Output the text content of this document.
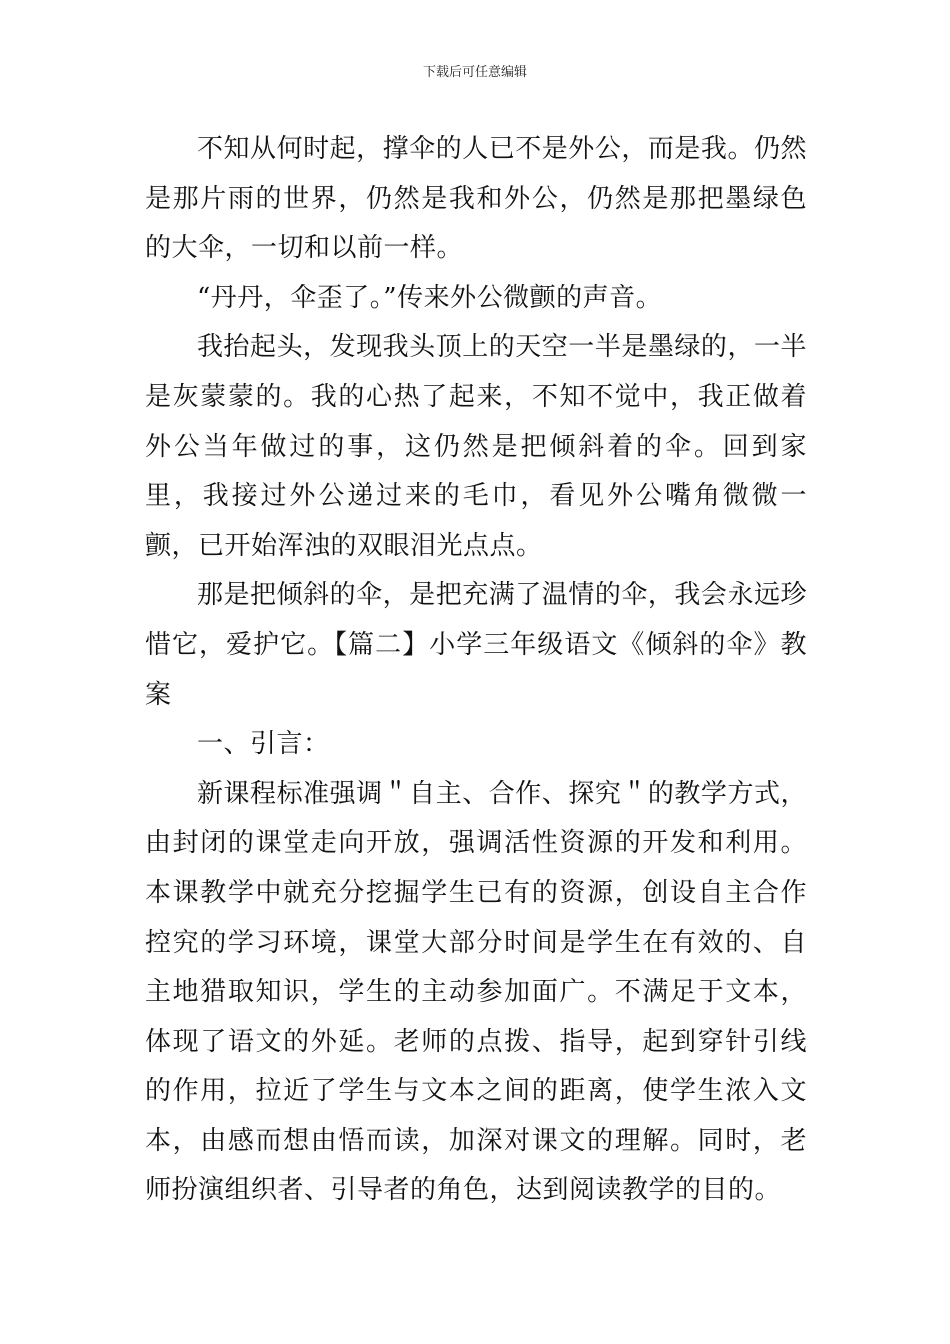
下载后可任意编辑

不知从何时起，撑伞的人已不是外公，而是我。仍然是那片雨的世界，仍然是我和外公，仍然是那把墨绿色的大伞，一切和以前一样。

“丹丹，伞歪了。”传来外公微颤的声音。

我抬起头，发现我头顶上的天空一半是墨绿的，一半是灰蒙蒙的。我的心热了起来，不知不觉中，我正做着外公当年做过的事，这仍然是把倾斜着的伞。回到家里，我接过外公递过来的毛巾，看见外公嘴角微微一颤，已开始浑浊的双眼泪光点点。

那是把倾斜的伞，是把充满了温情的伞，我会永远珍惜它，爱护它。【篇二】小学三年级语文《倾斜的伞》教案

一、引言：

新课程标准强调＂自主、合作、探究＂的教学方式，由封闭的课堂走向开放，强调活性资源的开发和利用。本课教学中就充分挖掘学生已有的资源，创设自主合作控究的学习环境，课堂大部分时间是学生在有效的、自主地猎取知识，学生的主动参加面广。不满足于文本，体现了语文的外延。老师的点拨、指导，起到穿针引线的作用，拉近了学生与文本之间的距离，使学生浓入文本，由感而想由悟而读，加深对课文的理解。同时，老师扮演组织者、引导者的角色，达到阅读教学的目的。
